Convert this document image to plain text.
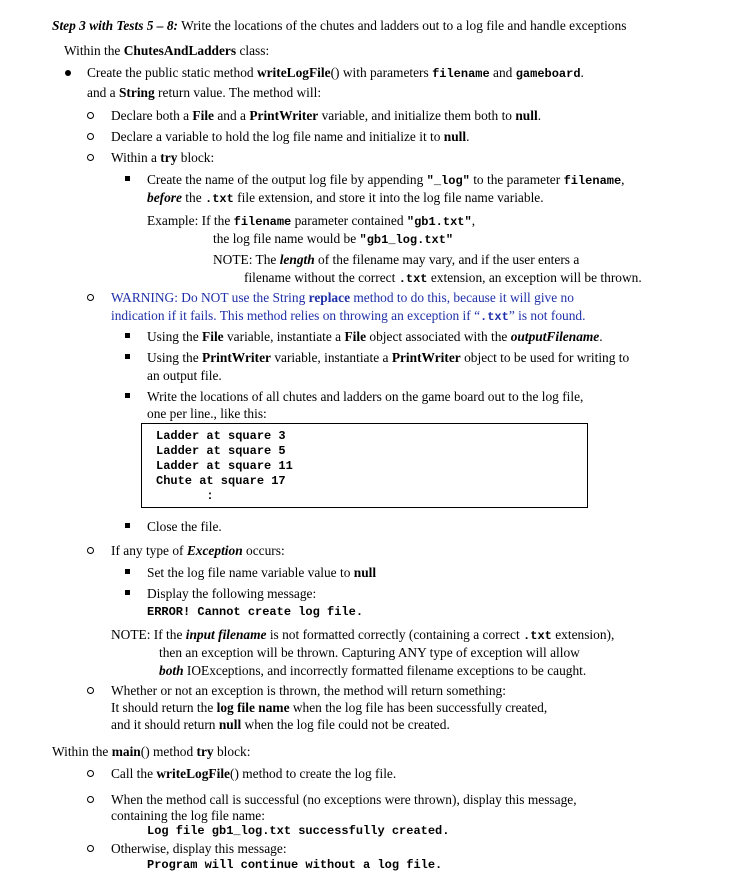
Step 3 with Tests 5 – 8: Write the locations of the chutes and ladders out to a log file and handle exceptions
Within the ChutesAndLadders class:
Create the public static method writeLogFile() with parameters filename and gameboard.
and a String return value. The method will:
Declare both a File and a PrintWriter variable, and initialize them both to null.
Declare a variable to hold the log file name and initialize it to null.
Within a try block:
Create the name of the output log file by appending "_log" to the parameter filename,
before the .txt file extension, and store it into the log file name variable.
Example: If the filename parameter contained "gb1.txt",
the log file name would be "gb1_log.txt"
NOTE: The length of the filename may vary, and if the user enters a
filename without the correct .txt extension, an exception will be thrown.
WARNING: Do NOT use the String replace method to do this, because it will give no
indication if it fails. This method relies on throwing an exception if “.txt” is not found.
Using the File variable, instantiate a File object associated with the outputFilename.
Using the PrintWriter variable, instantiate a PrintWriter object to be used for writing to
an output file.
Write the locations of all chutes and ladders on the game board out to the log file,
one per line., like this:
Ladder at square 3
Ladder at square 5
Ladder at square 11
Chute at square 17
:
Close the file.
If any type of Exception occurs:
Set the log file name variable value to null
Display the following message:
ERROR! Cannot create log file.
NOTE: If the input filename is not formatted correctly (containing a correct .txt extension),
then an exception will be thrown. Capturing ANY type of exception will allow
both IOExceptions, and incorrectly formatted filename exceptions to be caught.
Whether or not an exception is thrown, the method will return something:
It should return the log file name when the log file has been successfully created,
and it should return null when the log file could not be created.
Within the main() method try block:
Call the writeLogFile() method to create the log file.
When the method call is successful (no exceptions were thrown), display this message,
containing the log file name:
Log file gb1_log.txt successfully created.
Otherwise, display this message:
Program will continue without a log file.
